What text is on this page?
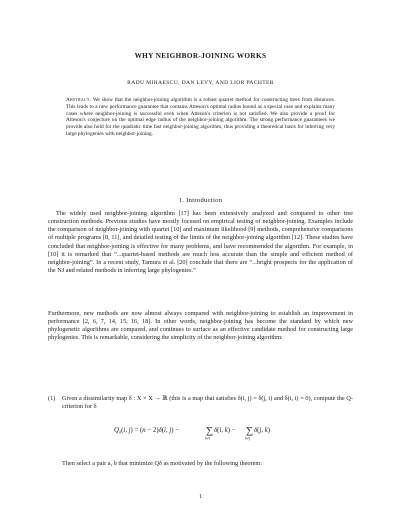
WHY NEIGHBOR-JOINING WORKS
RADU MIHAESCU, DAN LEVY, AND LIOR PACHTER
Abstract. We show that the neighbor-joining algorithm is a robust quartet method for constructing trees from distances. This leads to a new performance guarantee that contains Atteson's optimal radius bound as a special case and explains many cases where neighbor-joining is successful even when Atteson's criterion is not satisfied. We also provide a proof for Atteson's conjecture on the optimal edge radius of the neighbor-joining algorithm. The strong performance guarantees we provide also hold for the quadratic time fast neighbor-joining algorithm, thus providing a theoretical basis for inferring very large phylogenies with neighbor-joining.
1. Introduction
The widely used neighbor-joining algorithm [17] has been extensively analyzed and compared to other tree construction methods. Previous studies have mostly focused on empirical testing of neighbor-joining. Examples include the comparison of neighbor-joining with quartet [10] and maximum likelihood [9] methods, comprehensive comparisons of multiple programs [8, 11], and detailed testing of the limits of the neighbor-joining algorithm [12]. These studies have concluded that neighbor-joining is effective for many problems, and have recommended the algorithm. For example, in [10] it is remarked that “...quartet-based methods are much less accurate than the simple and efficient method of neighbor-joining”. In a recent study, Tamura et al. [20] conclude that there are “...bright prospects for the application of the NJ and related methods in inferring large phylogenies.”
Furthermore, new methods are now almost always compared with neighbor-joining to establish an improvement in performance [2, 6, 7, 14, 15, 16, 18]. In other words, neighbor-joining has become the standard by which new phylogenetic algorithms are compared, and continues to surface as an effective candidate method for constructing large phylogenies. This is remarkable, considering the simplicity of the neighbor-joining algorithm:
(1) Given a dissimilarity map δ : X × X → ℝ (this is a map that satisfies δ(i, j) = δ(j, i) and δ(i, i) = 0), compute the Q-criterion for δ
$Q_\delta(i$, j) = (n − 2)δ(i, j) −	∑
k≠i
δ(i, k) − ∑
k≠j
δ(j, k)
Then select a pair a, b that minimize Qδ as motivated by the following theorem:
1
